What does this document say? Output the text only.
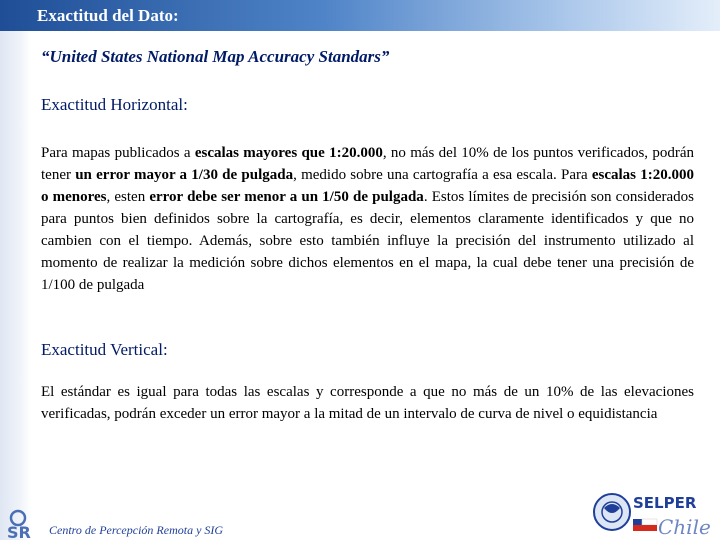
Exactitud del Dato:
“United States National Map Accuracy Standars”
Exactitud Horizontal:
Para mapas publicados a escalas mayores que 1:20.000, no más del 10% de los puntos verificados, podrán tener un error mayor a 1/30 de pulgada, medido sobre una cartografía a esa escala. Para escalas 1:20.000 o menores, esten error debe ser menor a un 1/50 de pulgada. Estos límites de precisión son considerados para puntos bien definidos sobre la cartografía, es decir, elementos claramente identificados y que no cambien con el tiempo. Además, sobre esto también influye la precisión del instrumento utilizado al momento de realizar la medición sobre dichos elementos en el mapa, la cual debe tener una precisión de 1/100 de pulgada
Exactitud Vertical:
El estándar es igual para todas las escalas y corresponde a que no más de un 10% de las elevaciones verificadas, podrán exceder un error mayor a la mitad de un intervalo de curva de nivel o equidistancia
SR Centro de Percepción Remota y SIG
SELPER
Chile
